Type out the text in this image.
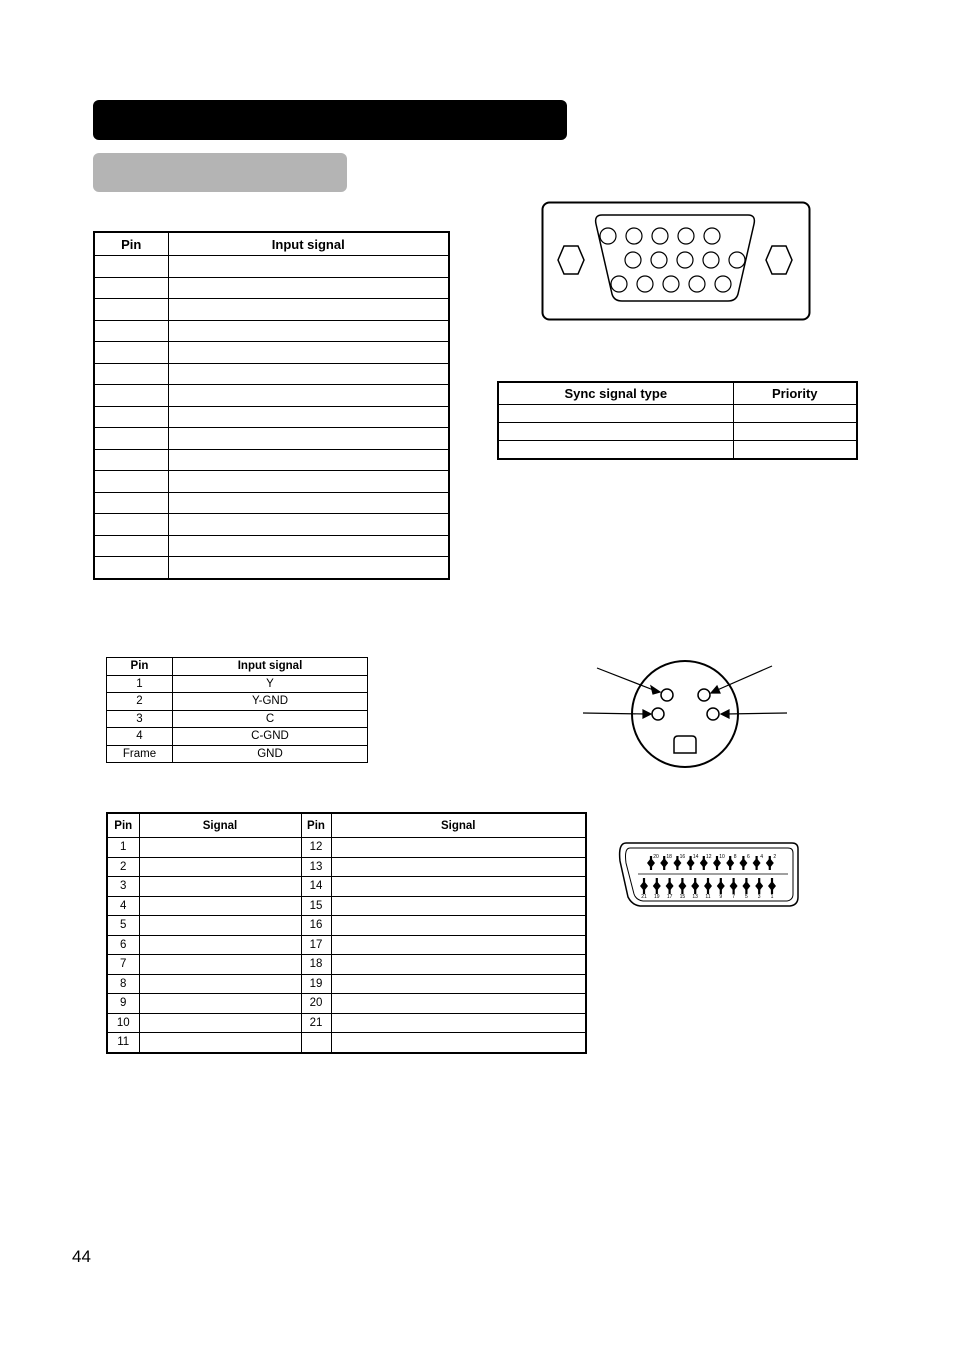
Pin	Input signal

Sync signal type	Priority

Pin	Input signal
1	Y
2	Y-GND
3	C
4	C-GND
Frame	GND
Pin	Signal	Pin	Signal
1		12	
2		13	
3		14	
4		15	
5		16	
6		17	
7		18	
8		19	
9		20	
10		21	
11			
20 18 16 14 12 10 8 6 4 2
21 19 17 15 13 11 9 7 5 3 1
44
